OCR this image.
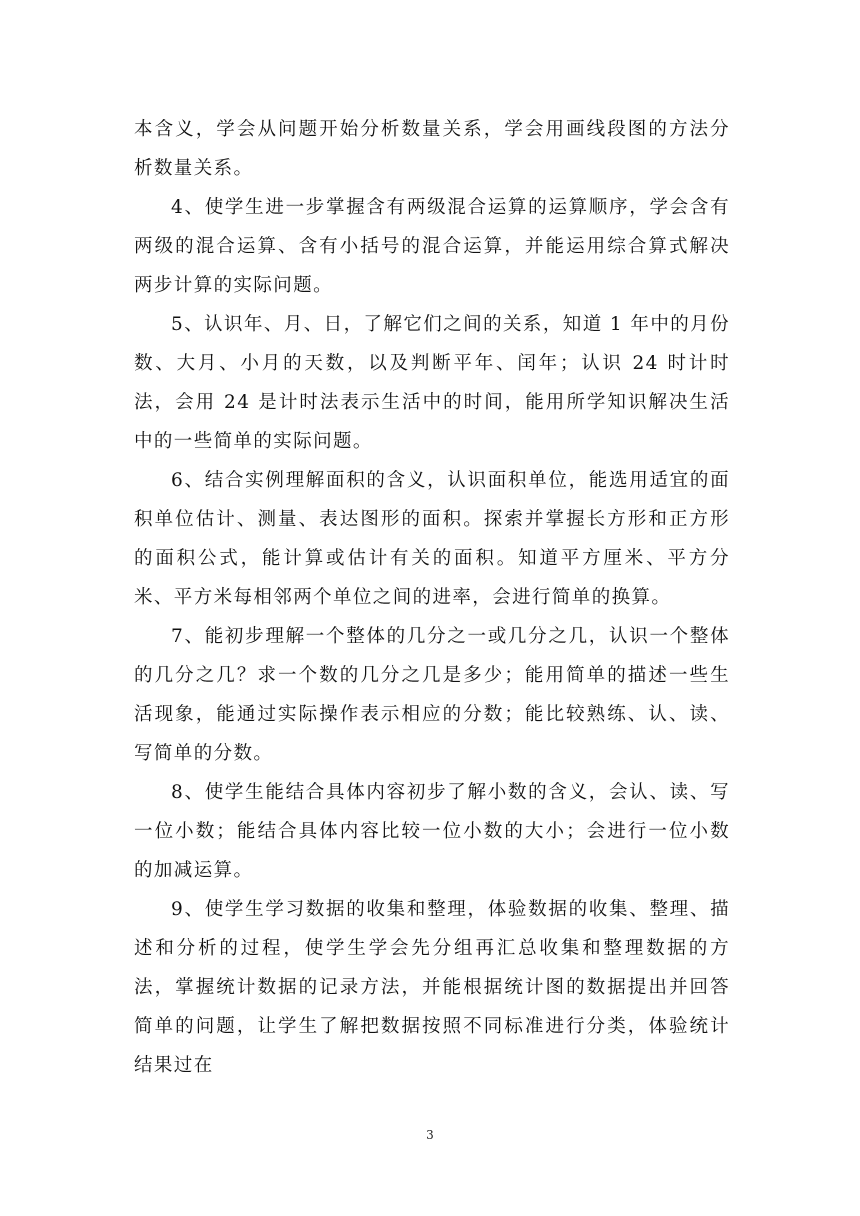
本含义，学会从问题开始分析数量关系，学会用画线段图的方法分析数量关系。

4、使学生进一步掌握含有两级混合运算的运算顺序，学会含有两级的混合运算、含有小括号的混合运算，并能运用综合算式解决两步计算的实际问题。

5、认识年、月、日，了解它们之间的关系，知道 1 年中的月份数、大月、小月的天数，以及判断平年、闰年；认识 24 时计时法，会用 24 是计时法表示生活中的时间，能用所学知识解决生活中的一些简单的实际问题。

6、结合实例理解面积的含义，认识面积单位，能选用适宜的面积单位估计、测量、表达图形的面积。探索并掌握长方形和正方形的面积公式，能计算或估计有关的面积。知道平方厘米、平方分米、平方米每相邻两个单位之间的进率，会进行简单的换算。

7、能初步理解一个整体的几分之一或几分之几，认识一个整体的几分之几？求一个数的几分之几是多少；能用简单的描述一些生活现象，能通过实际操作表示相应的分数；能比较熟练、认、读、写简单的分数。

8、使学生能结合具体内容初步了解小数的含义，会认、读、写一位小数；能结合具体内容比较一位小数的大小；会进行一位小数的加减运算。

9、使学生学习数据的收集和整理，体验数据的收集、整理、描述和分析的过程，使学生学会先分组再汇总收集和整理数据的方法，掌握统计数据的记录方法，并能根据统计图的数据提出并回答简单的问题，让学生了解把数据按照不同标准进行分类，体验统计结果过在

3
